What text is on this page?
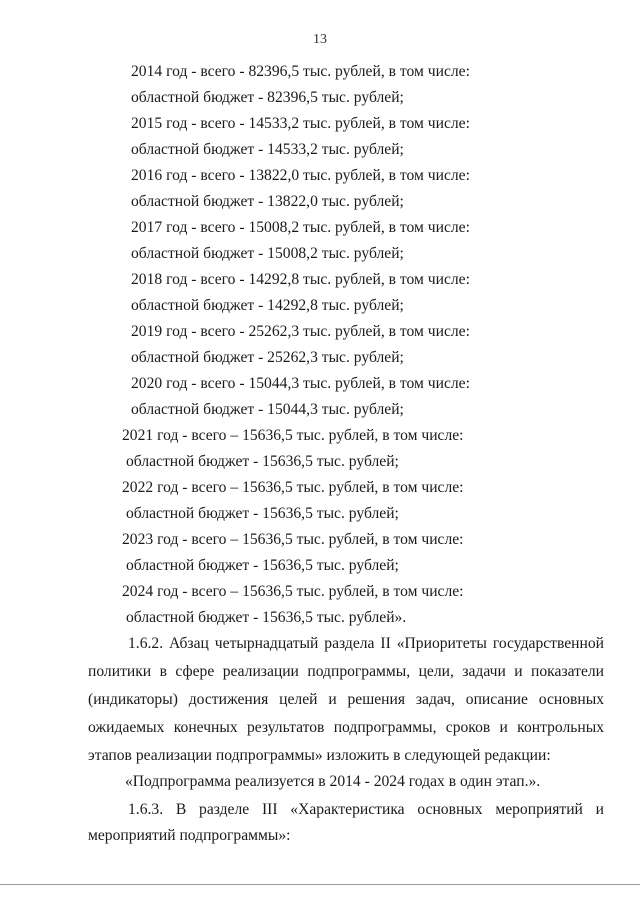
13
2014 год - всего - 82396,5 тыс. рублей, в том числе:
областной бюджет - 82396,5 тыс. рублей;
2015 год - всего - 14533,2 тыс. рублей, в том числе:
областной бюджет - 14533,2 тыс. рублей;
2016 год - всего - 13822,0 тыс. рублей, в том числе:
областной бюджет - 13822,0 тыс. рублей;
2017 год - всего - 15008,2 тыс. рублей, в том числе:
областной бюджет - 15008,2 тыс. рублей;
2018 год - всего - 14292,8 тыс. рублей, в том числе:
областной бюджет - 14292,8 тыс. рублей;
2019 год - всего - 25262,3 тыс. рублей, в том числе:
областной бюджет - 25262,3 тыс. рублей;
2020 год - всего - 15044,3 тыс. рублей, в том числе:
областной бюджет - 15044,3 тыс. рублей;
2021 год - всего – 15636,5 тыс. рублей, в том числе:
областной бюджет - 15636,5 тыс. рублей;
2022 год - всего – 15636,5 тыс. рублей, в том числе:
областной бюджет - 15636,5 тыс. рублей;
2023 год - всего – 15636,5 тыс. рублей, в том числе:
областной бюджет - 15636,5 тыс. рублей;
2024 год - всего – 15636,5 тыс. рублей, в том числе:
областной бюджет - 15636,5 тыс. рублей».
1.6.2. Абзац четырнадцатый раздела II «Приоритеты государственной
политики в сфере реализации подпрограммы, цели, задачи и показатели
(индикаторы) достижения целей и решения задач, описание основных
ожидаемых конечных результатов подпрограммы, сроков и контрольных
этапов реализации подпрограммы» изложить в следующей редакции:
«Подпрограмма реализуется в 2014 - 2024 годах в один этап.».
1.6.3. В разделе III «Характеристика основных мероприятий и
мероприятий подпрограммы»:
